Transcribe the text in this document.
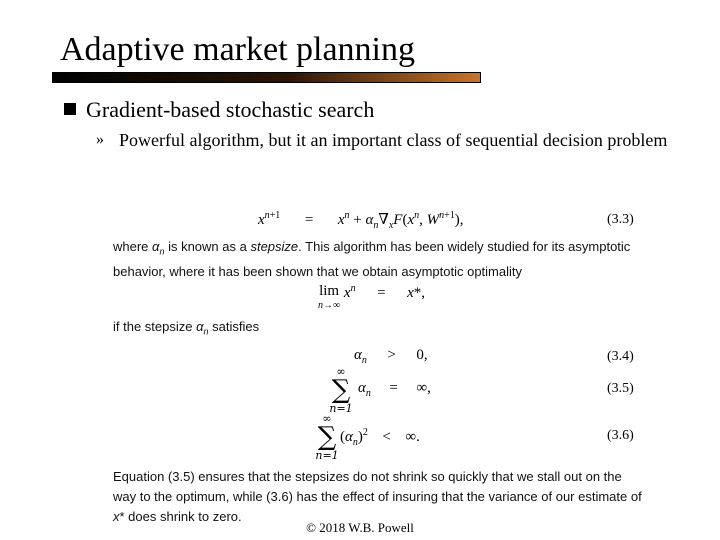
Adaptive market planning
Gradient-based stochastic search
» Powerful algorithm, but it an important class of sequential decision problem
$x^{n+1} = x^n + \alpha_n\nabla_xF(x^n$, $W^{n+1}$),	(3.3)
where $\alpha_n$ is known as a stepsize. This algorithm has been widely studied for its asymptotic behavior, where it has been shown that we obtain asymptotic optimality
lim
$^{n\to\infty}$ $x^n = x*$,
if the stepsize $\alpha_n$ satisfies
$\alpha_n > 0$,	(3.4)
∞
∑
n=1
$\alpha_n$ = ∞,	(3.5)
∞
∑
n=1
$(\alpha_n)^2$ < ∞.	(3.6)
Equation (3.5) ensures that the stepsizes do not shrink so quickly that we stall out on the way to the optimum, while (3.6) has the effect of insuring that the variance of our estimate of x* does shrink to zero.
© 2018 W.B. Powell
